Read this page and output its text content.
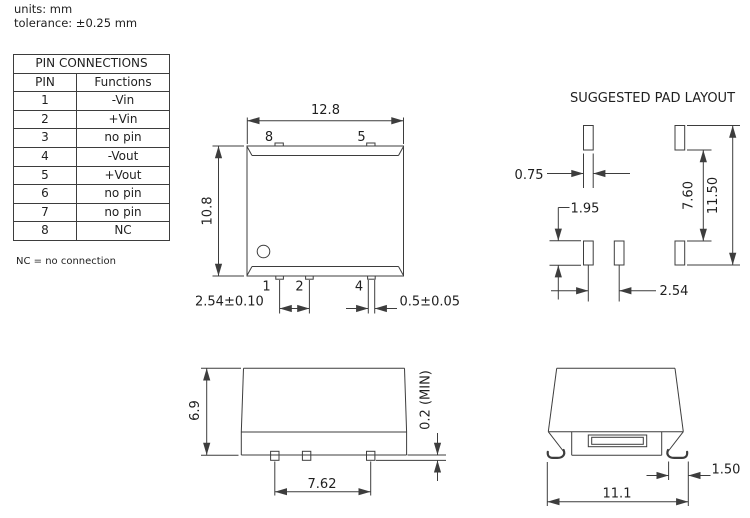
units: mm
tolerance: ±0.25 mm
PIN CONNECTIONS	
PIN	Functions
1	-Vin
2	+Vin
3	no pin
4	-Vout
5	+Vout
6	no pin
7	no pin
8	NC
NC = no connection
8	5
1 2	4
12.8
10.8
2.54±0.10	0.5±0.05
SUGGESTED PAD LAYOUT
0.75
1.95
2.54
7.60 11.50
6.9
7.62
0.2 (MIN)
1.50
11.1
